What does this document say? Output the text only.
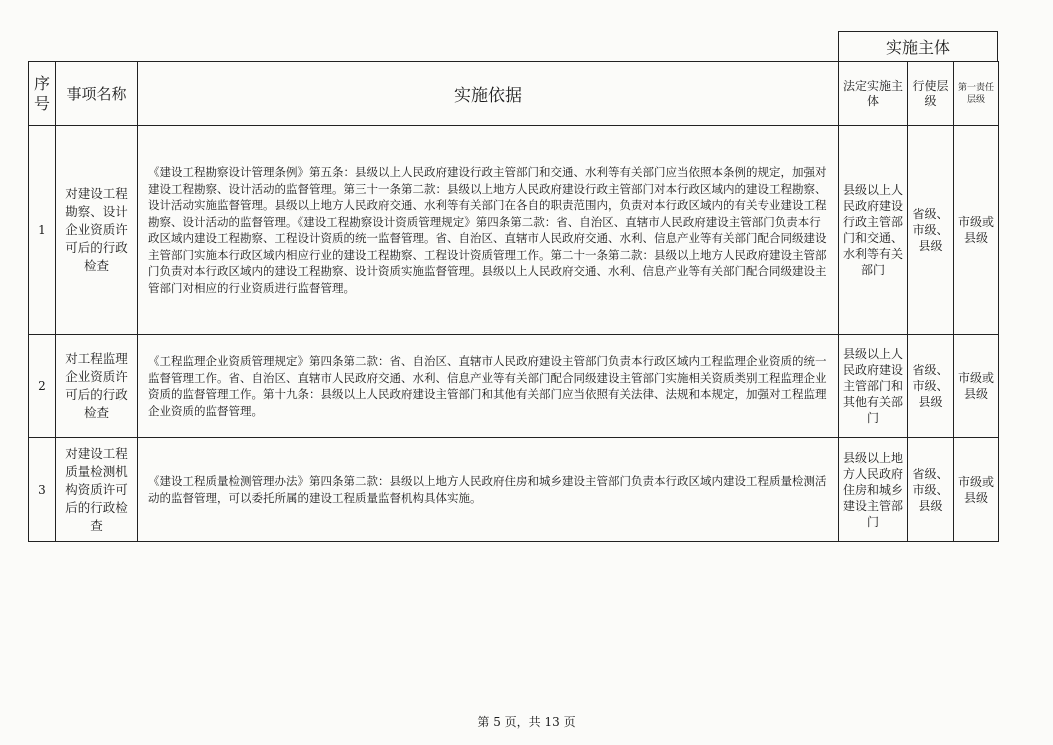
实施主体
序号	事项名称	实施依据	法定实施主体	行使层级	第一责任层级
1	对建设工程勘察、设计企业资质许可后的行政检查	《建设工程勘察设计管理条例》第五条：县级以上人民政府建设行政主管部门和交通、水利等有关部门应当依照本条例的规定，加强对建设工程勘察、设计活动的监督管理。第三十一条第二款：县级以上地方人民政府建设行政主管部门对本行政区域内的建设工程勘察、设计活动实施监督管理。县级以上地方人民政府交通、水利等有关部门在各自的职责范围内，负责对本行政区域内的有关专业建设工程勘察、设计活动的监督管理。《建设工程勘察设计资质管理规定》第四条第二款：省、自治区、直辖市人民政府建设主管部门负责本行政区域内建设工程勘察、工程设计资质的统一监督管理。省、自治区、直辖市人民政府交通、水利、信息产业等有关部门配合同级建设主管部门实施本行政区域内相应行业的建设工程勘察、工程设计资质管理工作。第二十一条第二款：县级以上地方人民政府建设主管部门负责对本行政区域内的建设工程勘察、设计资质实施监督管理。县级以上人民政府交通、水利、信息产业等有关部门配合同级建设主管部门对相应的行业资质进行监督管理。	县级以上人民政府建设行政主管部门和交通、水利等有关部门	省级、市级、县级	市级或县级
2	对工程监理企业资质许可后的行政检查	《工程监理企业资质管理规定》第四条第二款：省、自治区、直辖市人民政府建设主管部门负责本行政区域内工程监理企业资质的统一监督管理工作。省、自治区、直辖市人民政府交通、水利、信息产业等有关部门配合同级建设主管部门实施相关资质类别工程监理企业资质的监督管理工作。第十九条：县级以上人民政府建设主管部门和其他有关部门应当依照有关法律、法规和本规定，加强对工程监理企业资质的监督管理。	县级以上人民政府建设主管部门和其他有关部门	省级、市级、县级	市级或县级
3	对建设工程质量检测机构资质许可后的行政检查	《建设工程质量检测管理办法》第四条第二款：县级以上地方人民政府住房和城乡建设主管部门负责本行政区域内建设工程质量检测活动的监督管理，可以委托所属的建设工程质量监督机构具体实施。	县级以上地方人民政府住房和城乡建设主管部门	省级、市级、县级	市级或县级
第 5 页，共 13 页
